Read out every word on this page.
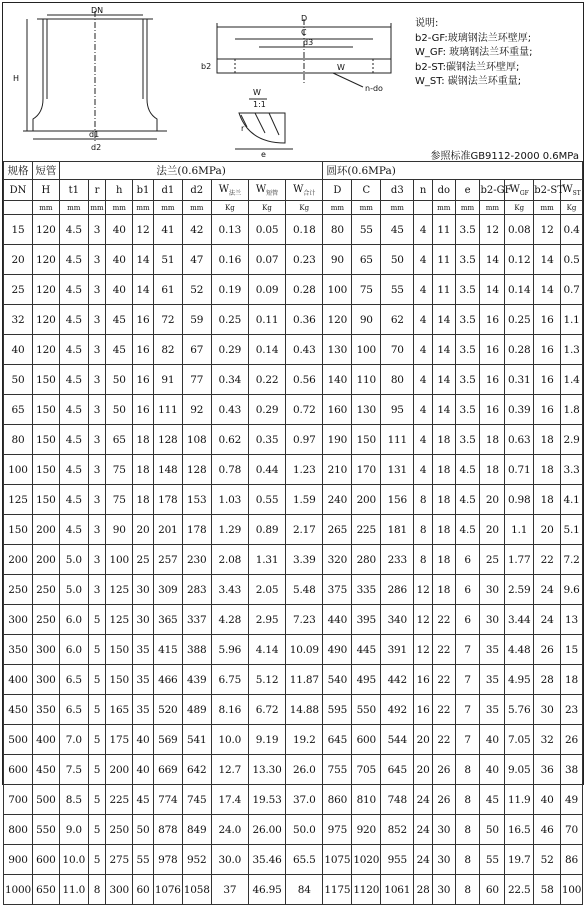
DN
d1
d2
H
D
C
d3
W
n-do
b2
W
1:1
r
e
说明:
b2-GF:玻璃钢法兰环壁厚;
W_GF: 玻璃钢法兰环重量;
b2-ST:碳钢法兰环壁厚;
W_ST: 碳钢法兰环重量;
参照标准GB9112-2000 0.6MPa
规格	短管	法兰(0.6MPa)									圆环(0.6MPa)									
DN	H	t1	r	h	b1	d1	d2	$W_{法兰}$	$W_{短管}$	$W_{合计}$	D	C	d3	n	do	e	b2-GF	$W_{GF}$	b2-ST	$W_{ST}$
	mm	mm	mm	mm	mm	mm	mm	Kg	Kg	Kg	mm	mm	mm		mm	mm	mm	Kg	mm	Kg
15	120	4.5	3	40	12	41	42	0.13	0.05	0.18	80	55	45	4	11	3.5	12	0.08	12	0.4
20	120	4.5	3	40	14	51	47	0.16	0.07	0.23	90	65	50	4	11	3.5	14	0.12	14	0.5
25	120	4.5	3	40	14	61	52	0.19	0.09	0.28	100	75	55	4	11	3.5	14	0.14	14	0.7
32	120	4.5	3	45	16	72	59	0.25	0.11	0.36	120	90	62	4	14	3.5	16	0.25	16	1.1
40	120	4.5	3	45	16	82	67	0.29	0.14	0.43	130	100	70	4	14	3.5	16	0.28	16	1.3
50	150	4.5	3	50	16	91	77	0.34	0.22	0.56	140	110	80	4	14	3.5	16	0.31	16	1.4
65	150	4.5	3	50	16	111	92	0.43	0.29	0.72	160	130	95	4	14	3.5	16	0.39	16	1.8
80	150	4.5	3	65	18	128	108	0.62	0.35	0.97	190	150	111	4	18	3.5	18	0.63	18	2.9
100	150	4.5	3	75	18	148	128	0.78	0.44	1.23	210	170	131	4	18	4.5	18	0.71	18	3.3
125	150	4.5	3	75	18	178	153	1.03	0.55	1.59	240	200	156	8	18	4.5	20	0.98	18	4.1
150	200	4.5	3	90	20	201	178	1.29	0.89	2.17	265	225	181	8	18	4.5	20	1.1	20	5.1
200	200	5.0	3	100	25	257	230	2.08	1.31	3.39	320	280	233	8	18	6	25	1.77	22	7.2
250	250	5.0	3	125	30	309	283	3.43	2.05	5.48	375	335	286	12	18	6	30	2.59	24	9.6
300	250	6.0	5	125	30	365	337	4.28	2.95	7.23	440	395	340	12	22	6	30	3.44	24	13
350	300	6.0	5	150	35	415	388	5.96	4.14	10.09	490	445	391	12	22	7	35	4.48	26	15
400	300	6.5	5	150	35	466	439	6.75	5.12	11.87	540	495	442	16	22	7	35	4.95	28	18
450	350	6.5	5	165	35	520	489	8.16	6.72	14.88	595	550	492	16	22	7	35	5.76	30	23
500	400	7.0	5	175	40	569	541	10.0	9.19	19.2	645	600	544	20	22	7	40	7.05	32	26
600	450	7.5	5	200	40	669	642	12.7	13.30	26.0	755	705	645	20	26	8	40	9.05	36	38
700	500	8.5	5	225	45	774	745	17.4	19.53	37.0	860	810	748	24	26	8	45	11.9	40	49
800	550	9.0	5	250	50	878	849	24.0	26.00	50.0	975	920	852	24	30	8	50	16.5	46	70
900	600	10.0	5	275	55	978	952	30.0	35.46	65.5	1075	1020	955	24	30	8	55	19.7	52	86
1000	650	11.0	8	300	60	1076	1058	37	46.95	84	1175	1120	1061	28	30	8	60	22.5	58	100
